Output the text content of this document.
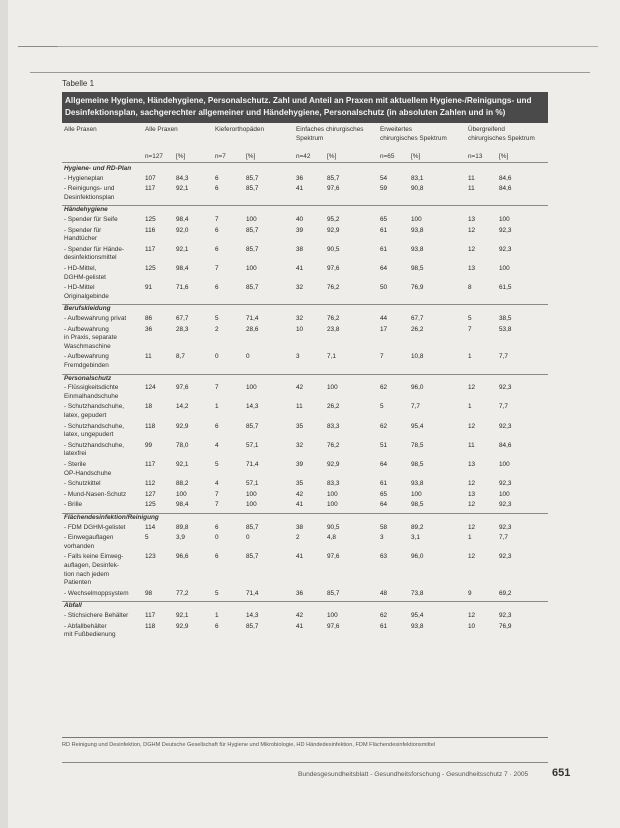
Tabelle 1
Allgemeine Hygiene, Händehygiene, Personalschutz. Zahl und Anteil an Praxen mit aktuellem Hygiene-/Reinigungs- und Desinfektionsplan, sachgerechter allgemeiner und Händehygiene, Personalschutz (in absoluten Zahlen und in %)
Alle Praxen	Alle Praxen
n=127 [%]
Kieferorthopäden
n=7	[%]
Einfaches chirurgisches Spektrum
n=42	[%]
Erweitertes chirurgisches Spektrum
n=65	[%]
Übergreifend chirurgisches Spektrum
n=13	[%]
Hygiene- und RD-Plan
- Hygieneplan	107	84,3	6	85,7	36	85,7	54	83,1	11	84,6
- Reinigungs- und
Desinfektionsplan
117	92,1	6	85,7	41	97,6	59	90,8	11	84,6
Händehygiene
- Spender für Seife	125	98,4	7	100	40	95,2	65	100	13	100
- Spender für
Handtücher
116	92,0	6	85,7	39	92,9	61	93,8	12	92,3
- Spender für Hände-
desinfektionsmittel
117	92,1	6	85,7	38	90,5	61	93,8	12	92,3
- HD-Mittel,
DGHM-gelistet
125	98,4	7	100	41	97,6	64	98,5	13	100
- HD-Mittel
Originalgebinde
91	71,6	6	85,7	32	76,2	50	76,9	8	61,5
Berufskleidung
- Aufbewahrung privat	86	67,7	5	71,4	32	76,2	44	67,7	5	38,5
- Aufbewahrung
in Praxis, separate
Waschmaschine
36	28,3	2	28,6	10	23,8	17	26,2	7	53,8
- Aufbewahrung
Fremdgebinden
11	8,7	0	0	3	7,1	7	10,8	1	7,7
Personalschutz
- Flüssigkeitsdichte
Einmalhandschuhe
124	97,6	7	100	42	100	62	96,0	12	92,3
- Schutzhandschuhe,
latex, gepudert
18	14,2	1	14,3	11	26,2	5	7,7	1	7,7
- Schutzhandschuhe,
latex, ungepudert
118	92,9	6	85,7	35	83,3	62	95,4	12	92,3
- Schutzhandschuhe,
latexfrei
99	78,0	4	57,1	32	76,2	51	78,5	11	84,6
- Sterile
OP-Handschuhe
117	92,1	5	71,4	39	92,9	64	98,5	13	100
- Schutzkittel	112	88,2	4	57,1	35	83,3	61	93,8	12	92,3
- Mund-Nasen-Schutz	127	100	7	100	42	100	65	100	13	100
- Brille	125	98,4	7	100	41	100	64	98,5	12	92,3
Flächendesinfektion/Reinigung
- FDM DGHM-gelistet	114	89,8	6	85,7	38	90,5	58	89,2	12	92,3
- Einwegauflagen
vorhanden
5	3,9	0	0	2	4,8	3	3,1	1	7,7
- Falls keine Einweg-
auflagen, Desinfek-
tion nach jedem
Patienten
123	96,6	6	85,7	41	97,6	63	96,0	12	92,3
- Wechselmoppsystem	98	77,2	5	71,4	36	85,7	48	73,8	9	69,2
Abfall
- Stichsichere Behälter	117	92,1	1	14,3	42	100	62	95,4	12	92,3
- Abfallbehälter
mit Fußbedienung
118	92,9	6	85,7	41	97,6	61	93,8	10	76,9
RD Reinigung und Desinfektion, DGHM Deutsche Gesellschaft für Hygiene und Mikrobiologie, HD Händedesinfektion, FDM Flächendesinfektionsmittel
Bundesgesundheitsblatt - Gesundheitsforschung - Gesundheitsschutz 7 · 2005 651
